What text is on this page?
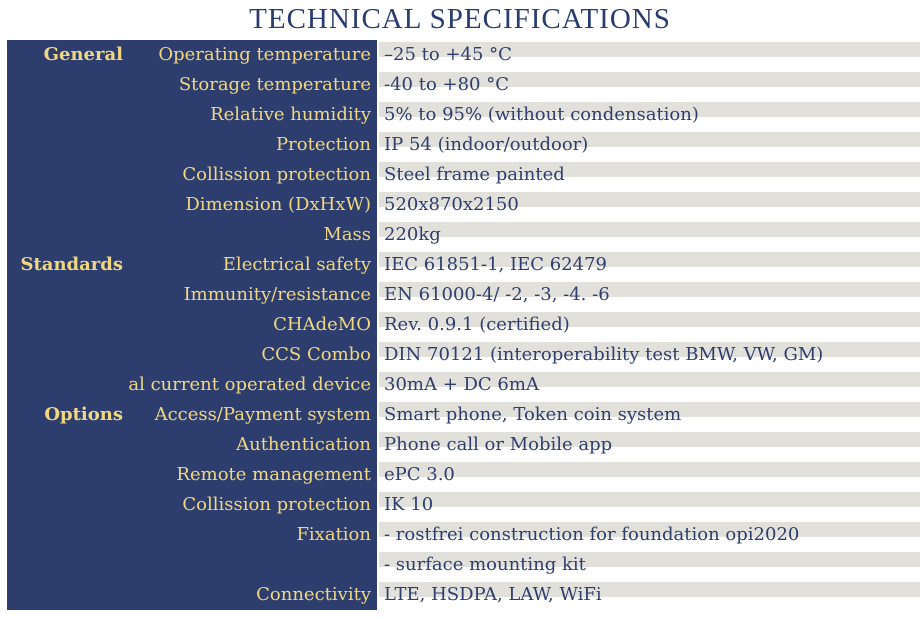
TECHNICAL SPECIFICATIONS
General Operating temperature –25 to +45 °C
Storage temperature -40 to +80 °C
Relative humidity 5% to 95% (without condensation)
Protection IP 54 (indoor/outdoor)
Collission protection Steel frame painted
Dimension (DxHxW) 520x870x2150
Mass 220kg
Standards	Electrical safety IEC 61851-1, IEC 62479
Immunity/resistance EN 61000-4/ -2, -3, -4. -6
CHAdeMO Rev. 0.9.1 (certified)
CCS Combo DIN 70121 (interoperability test BMW, VW, GM)
al current operated device 30mA + DC 6mA
Options Access/Payment system Smart phone, Token coin system
Authentication Phone call or Mobile app
Remote management ePC 3.0
Collission protection IK 10
Fixation - rostfrei construction for foundation opi2020
- surface mounting kit
Connectivity LTE, HSDPA, LAW, WiFi
